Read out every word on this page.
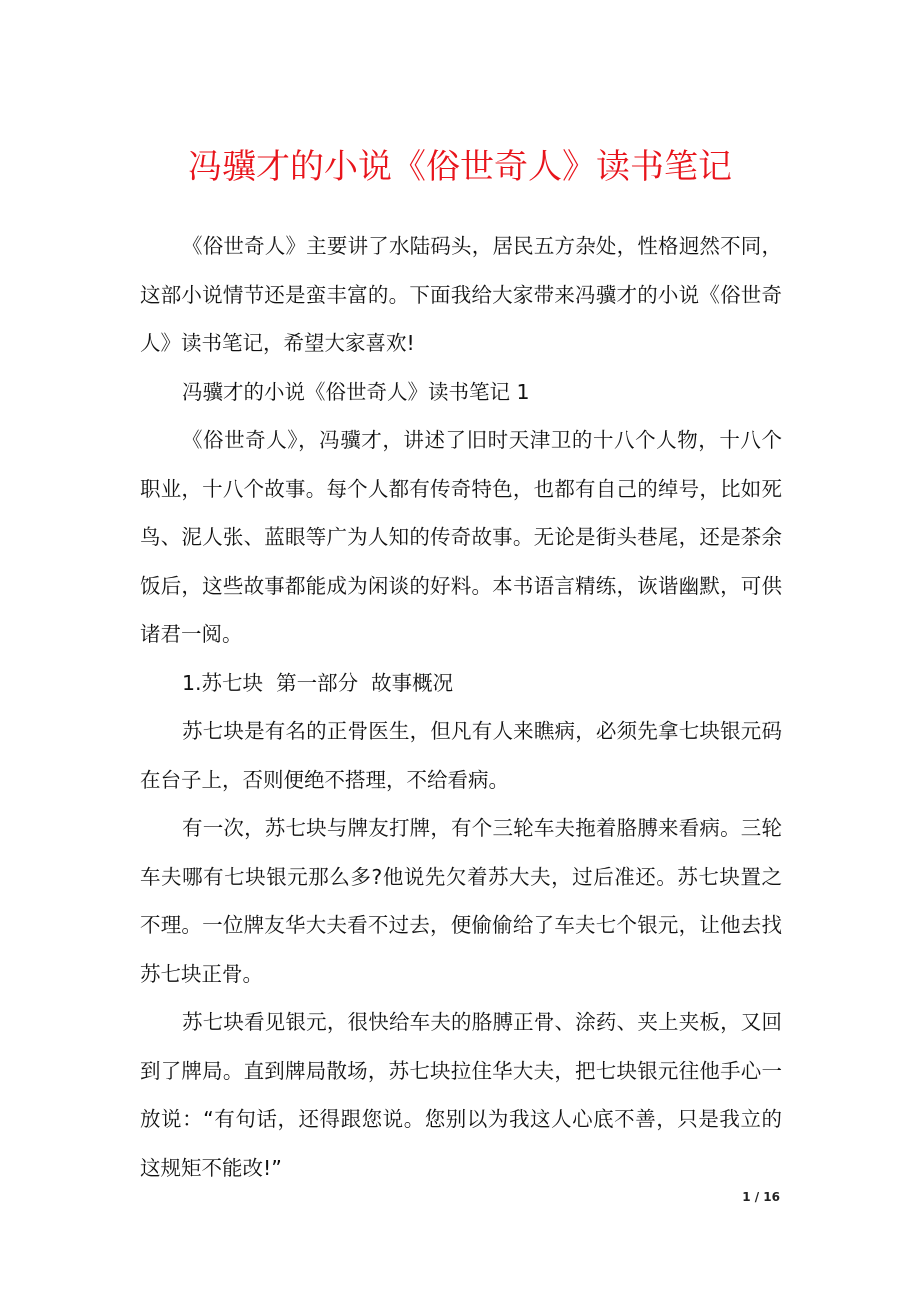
冯骥才的小说《俗世奇人》读书笔记

《俗世奇人》主要讲了水陆码头，居民五方杂处，性格迥然不同，这部小说情节还是蛮丰富的。下面我给大家带来冯骥才的小说《俗世奇人》读书笔记，希望大家喜欢!

冯骥才的小说《俗世奇人》读书笔记 1

《俗世奇人》，冯骥才，讲述了旧时天津卫的十八个人物，十八个职业，十八个故事。每个人都有传奇特色，也都有自己的绰号，比如死鸟、泥人张、蓝眼等广为人知的传奇故事。无论是街头巷尾，还是茶余饭后，这些故事都能成为闲谈的好料。本书语言精练，诙谐幽默，可供诸君一阅。

1.苏七块  第一部分  故事概况

苏七块是有名的正骨医生，但凡有人来瞧病，必须先拿七块银元码在台子上，否则便绝不搭理，不给看病。

有一次，苏七块与牌友打牌，有个三轮车夫拖着胳膊来看病。三轮车夫哪有七块银元那么多?他说先欠着苏大夫，过后准还。苏七块置之不理。一位牌友华大夫看不过去，便偷偷给了车夫七个银元，让他去找苏七块正骨。

苏七块看见银元，很快给车夫的胳膊正骨、涂药、夹上夹板，又回到了牌局。直到牌局散场，苏七块拉住华大夫，把七块银元往他手心一放说：“有句话，还得跟您说。您别以为我这人心底不善，只是我立的这规矩不能改!”

1 / 16
